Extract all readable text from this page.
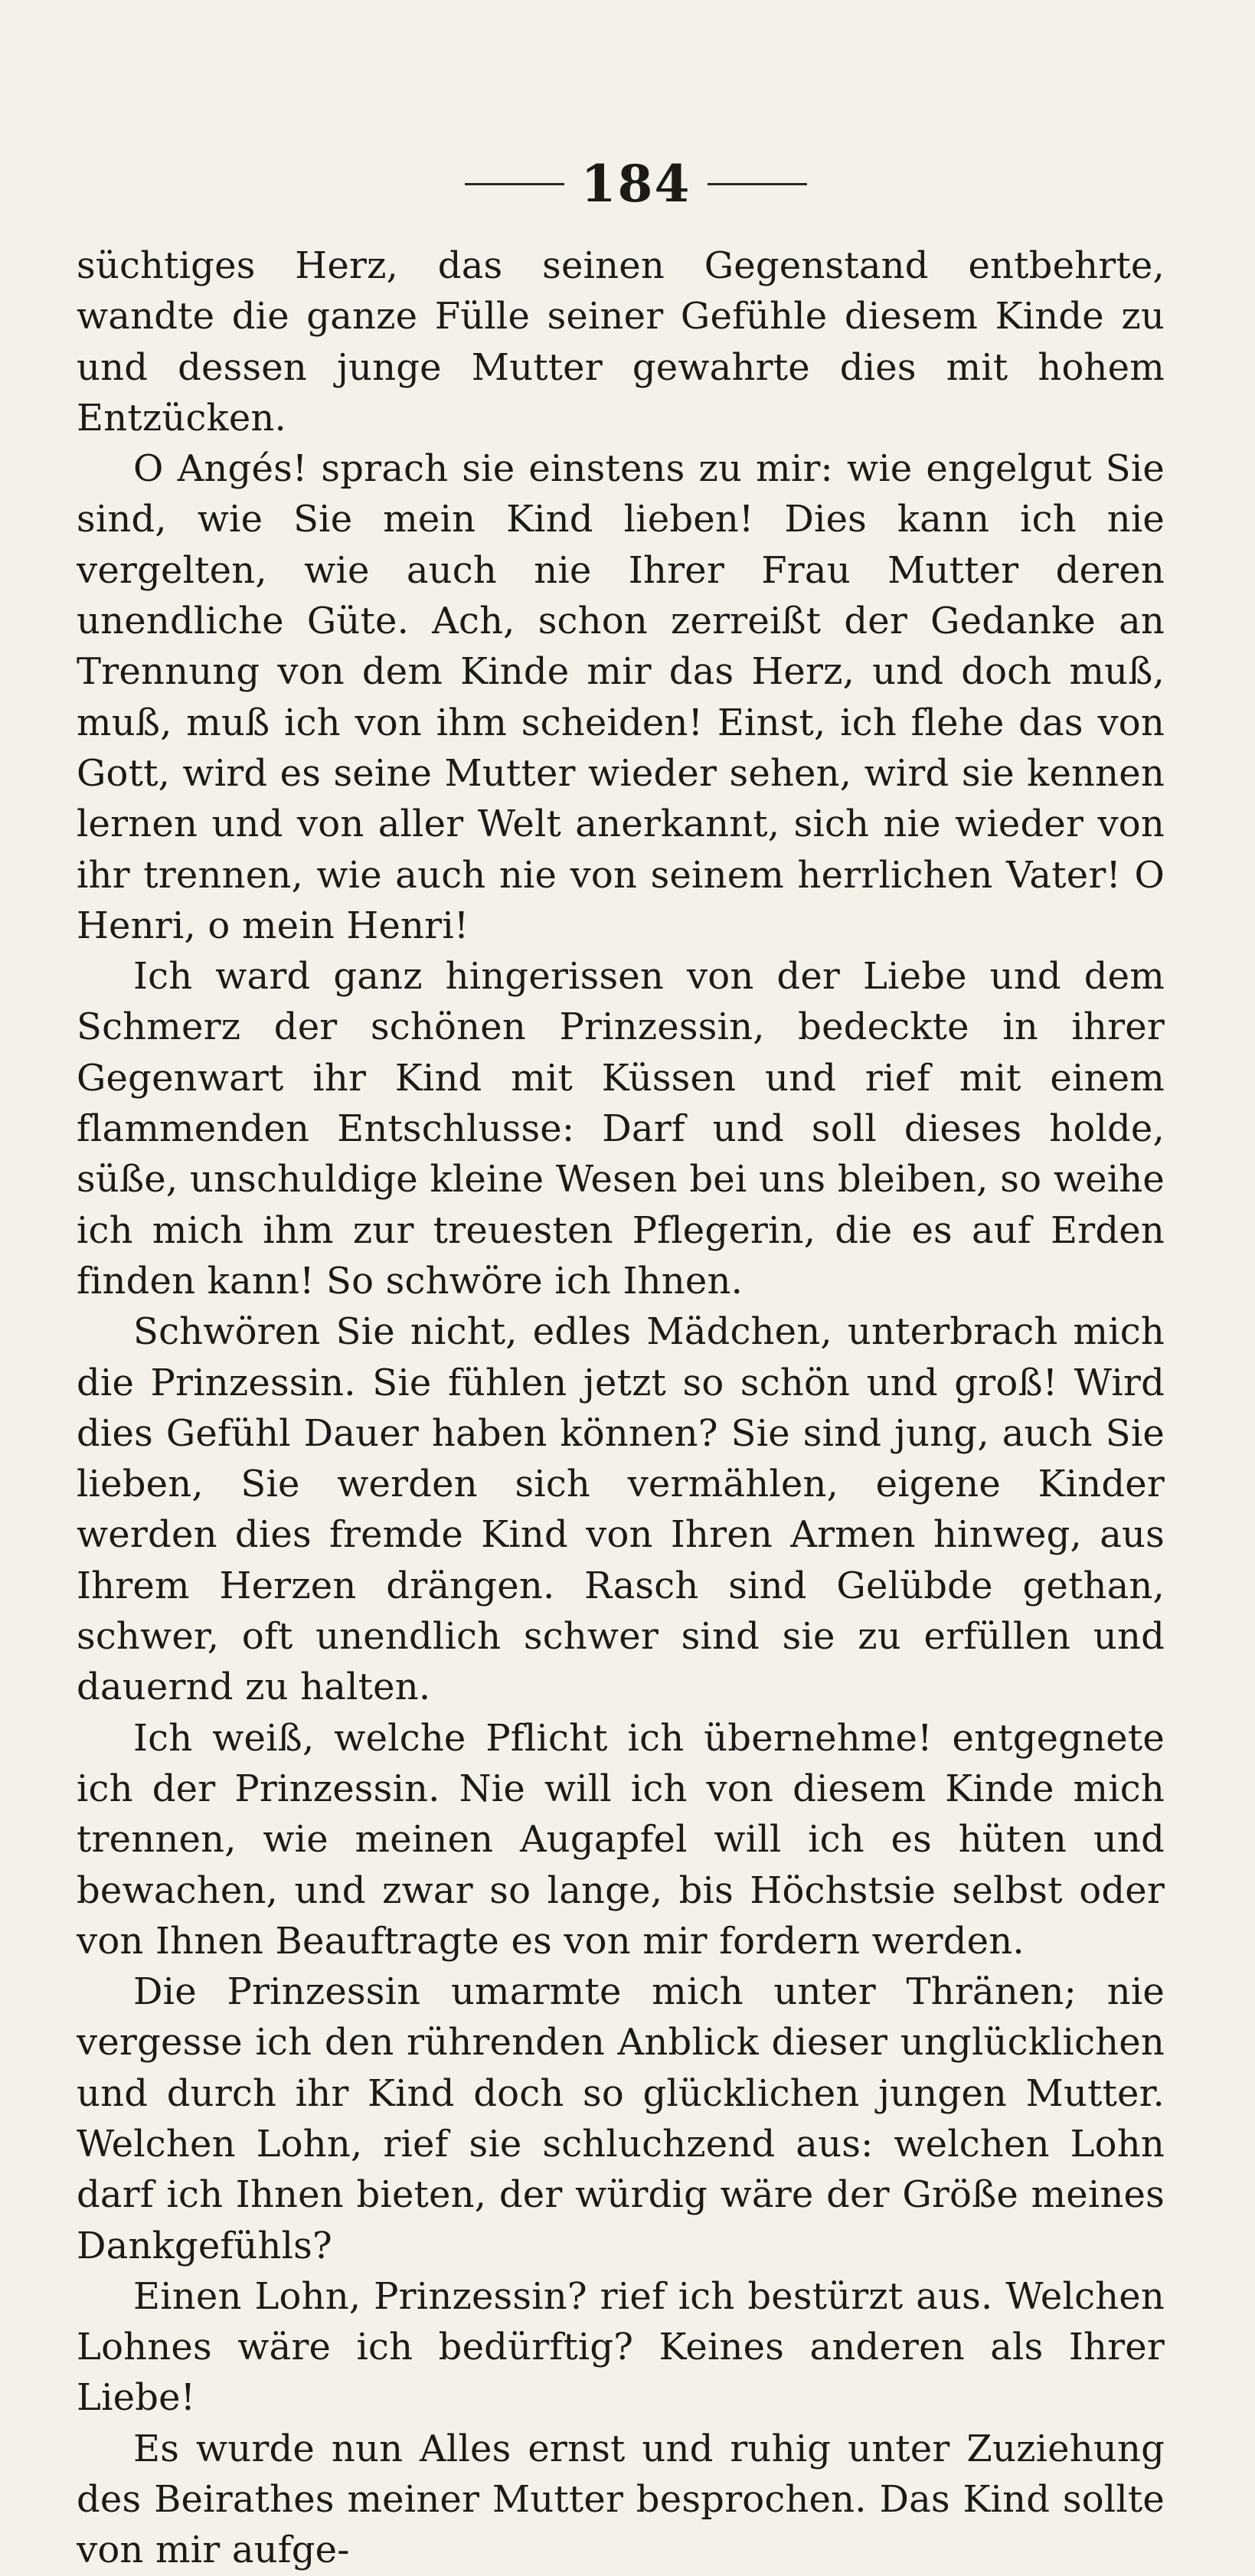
184

süchtiges Herz, das seinen Gegenstand entbehrte, wandte die ganze Fülle seiner Gefühle diesem Kinde zu und dessen junge Mutter gewahrte dies mit hohem Entzücken.

O Angés! sprach sie einstens zu mir: wie engelgut Sie sind, wie Sie mein Kind lieben! Dies kann ich nie vergelten, wie auch nie Ihrer Frau Mutter deren unendliche Güte. Ach, schon zerreißt der Gedanke an Trennung von dem Kinde mir das Herz, und doch muß, muß, muß ich von ihm scheiden! Einst, ich flehe das von Gott, wird es seine Mutter wieder sehen, wird sie kennen lernen und von aller Welt anerkannt, sich nie wieder von ihr trennen, wie auch nie von seinem herrlichen Vater! O Henri, o mein Henri!

Ich ward ganz hingerissen von der Liebe und dem Schmerz der schönen Prinzessin, bedeckte in ihrer Gegenwart ihr Kind mit Küssen und rief mit einem flammenden Entschlusse: Darf und soll dieses holde, süße, unschuldige kleine Wesen bei uns bleiben, so weihe ich mich ihm zur treuesten Pflegerin, die es auf Erden finden kann! So schwöre ich Ihnen.

Schwören Sie nicht, edles Mädchen, unterbrach mich die Prinzessin. Sie fühlen jetzt so schön und groß! Wird dies Gefühl Dauer haben können? Sie sind jung, auch Sie lieben, Sie werden sich vermählen, eigene Kinder werden dies fremde Kind von Ihren Armen hinweg, aus Ihrem Herzen drängen. Rasch sind Gelübde gethan, schwer, oft unendlich schwer sind sie zu erfüllen und dauernd zu halten.

Ich weiß, welche Pflicht ich übernehme! entgegnete ich der Prinzessin. Nie will ich von diesem Kinde mich trennen, wie meinen Augapfel will ich es hüten und bewachen, und zwar so lange, bis Höchstsie selbst oder von Ihnen Beauftragte es von mir fordern werden.

Die Prinzessin umarmte mich unter Thränen; nie vergesse ich den rührenden Anblick dieser unglücklichen und durch ihr Kind doch so glücklichen jungen Mutter. Welchen Lohn, rief sie schluchzend aus: welchen Lohn darf ich Ihnen bieten, der würdig wäre der Größe meines Dankgefühls?

Einen Lohn, Prinzessin? rief ich bestürzt aus. Welchen Lohnes wäre ich bedürftig? Keines anderen als Ihrer Liebe!

Es wurde nun Alles ernst und ruhig unter Zuziehung des Beirathes meiner Mutter besprochen. Das Kind sollte von mir aufge-
